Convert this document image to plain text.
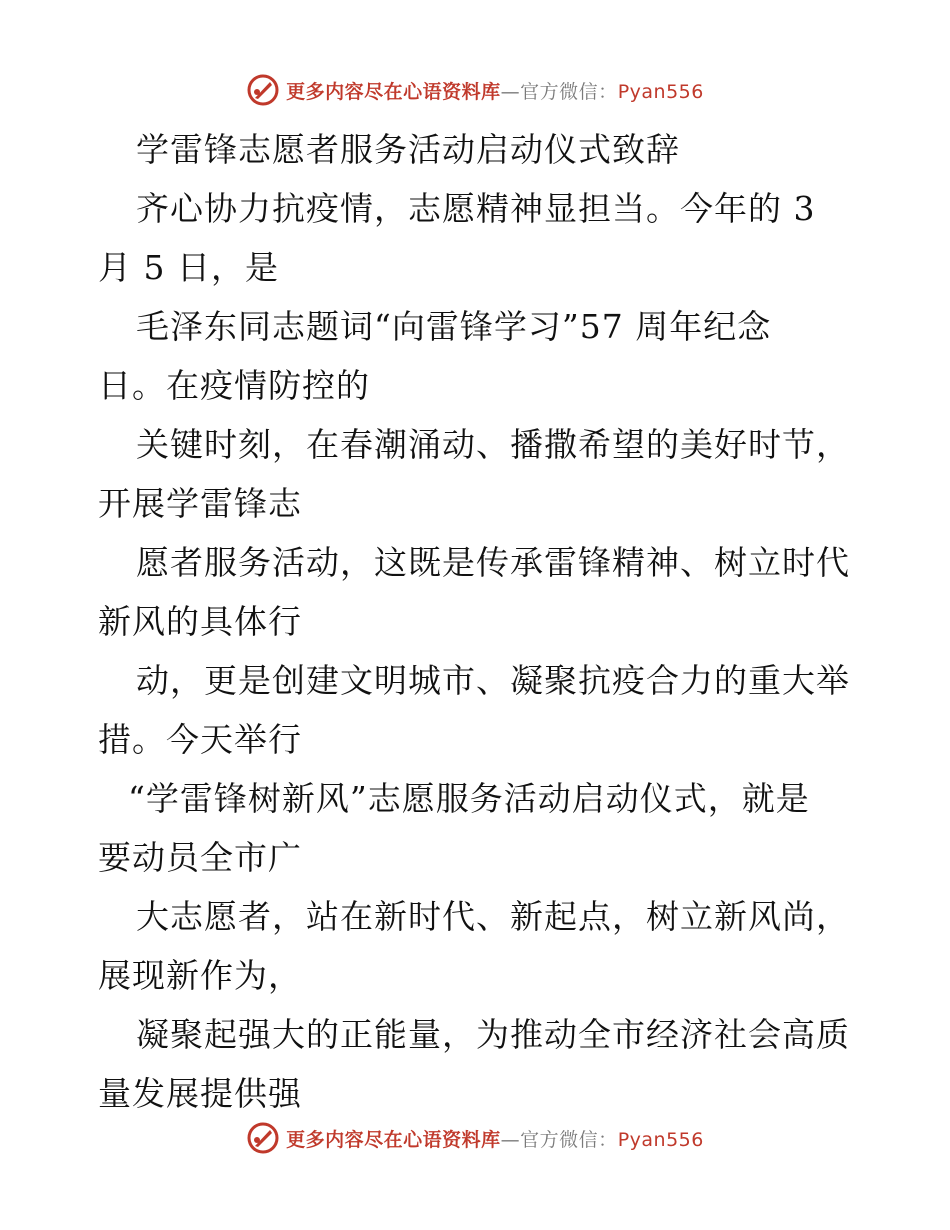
更多内容尽在心语资料库—官方微信：Pyan556
学雷锋志愿者服务活动启动仪式致辞
齐心协力抗疫情，志愿精神显担当。今年的 3
月 5 日，是
毛泽东同志题词“向雷锋学习”57 周年纪念
日。在疫情防控的
关键时刻，在春潮涌动、播撒希望的美好时节，
开展学雷锋志
愿者服务活动，这既是传承雷锋精神、树立时代
新风的具体行
动，更是创建文明城市、凝聚抗疫合力的重大举
措。今天举行
“学雷锋树新风”志愿服务活动启动仪式，就是
要动员全市广
大志愿者，站在新时代、新起点，树立新风尚，
展现新作为，
凝聚起强大的正能量，为推动全市经济社会高质
量发展提供强
更多内容尽在心语资料库—官方微信：Pyan556
